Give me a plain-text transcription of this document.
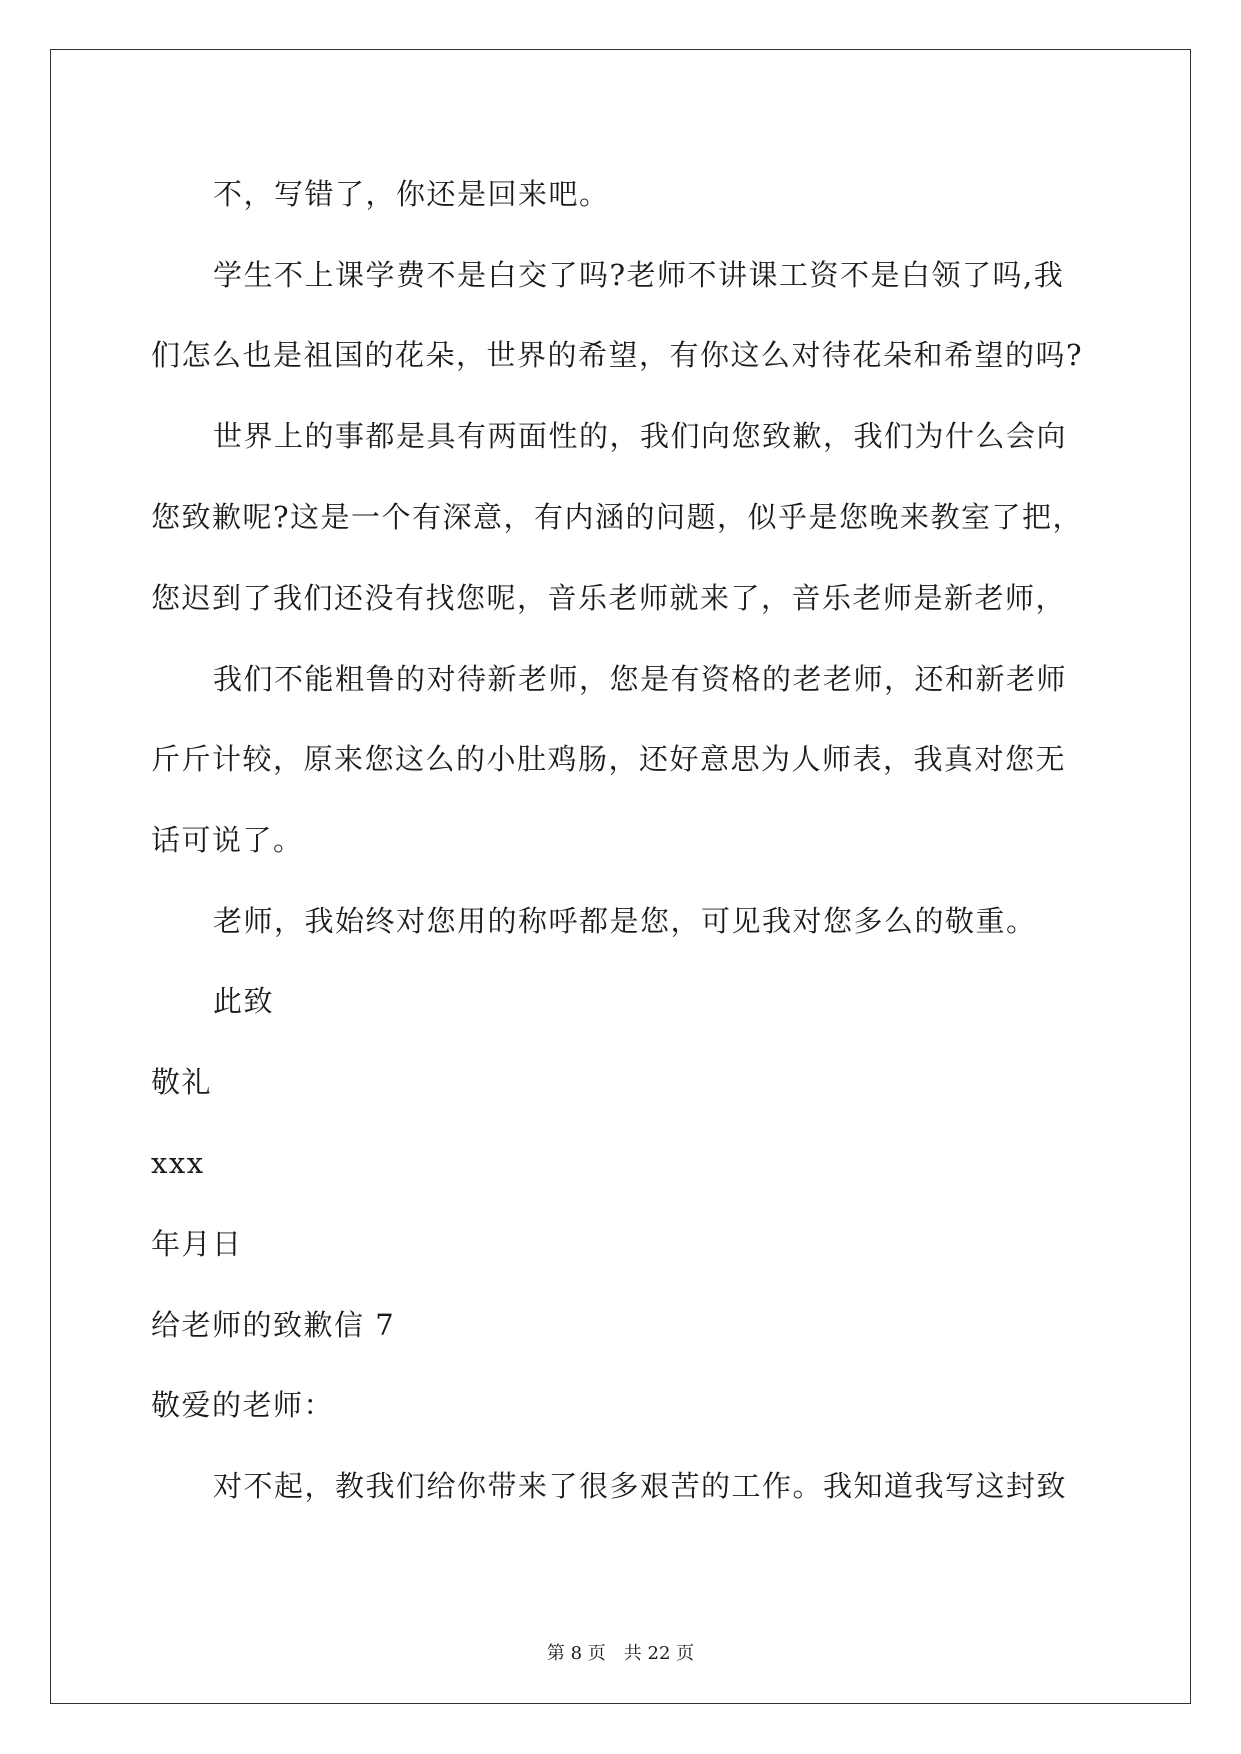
不，写错了，你还是回来吧。
学生不上课学费不是白交了吗?老师不讲课工资不是白领了吗,我
们怎么也是祖国的花朵，世界的希望，有你这么对待花朵和希望的吗?
世界上的事都是具有两面性的，我们向您致歉，我们为什么会向
您致歉呢?这是一个有深意，有内涵的问题，似乎是您晚来教室了把，
您迟到了我们还没有找您呢，音乐老师就来了，音乐老师是新老师，
我们不能粗鲁的对待新老师，您是有资格的老老师，还和新老师
斤斤计较，原来您这么的小肚鸡肠，还好意思为人师表，我真对您无
话可说了。
老师，我始终对您用的称呼都是您，可见我对您多么的敬重。
此致
敬礼
xxx
年月日
给老师的致歉信 7
敬爱的老师：
对不起，教我们给你带来了很多艰苦的工作。我知道我写这封致
第 8 页 共 22 页
